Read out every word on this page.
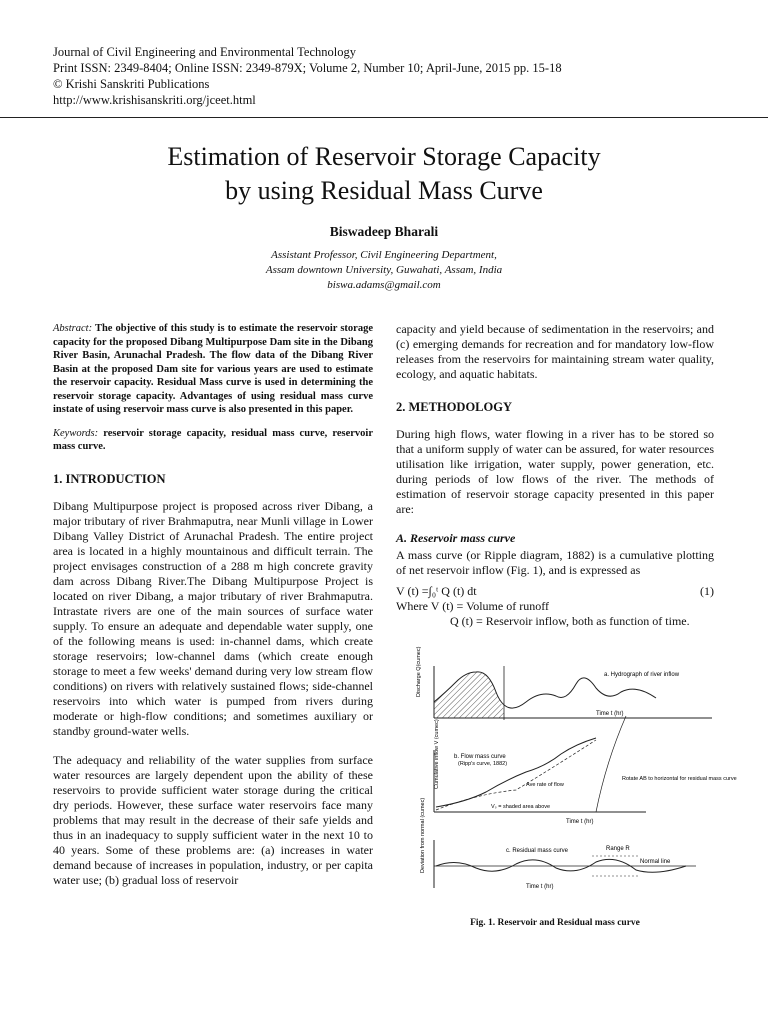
Journal of Civil Engineering and Environmental Technology
Print ISSN: 2349-8404; Online ISSN: 2349-879X; Volume 2, Number 10; April-June, 2015 pp. 15-18
© Krishi Sanskriti Publications
http://www.krishisanskriti.org/jceet.html
Estimation of Reservoir Storage Capacity
by using Residual Mass Curve
Biswadeep Bharali
Assistant Professor, Civil Engineering Department,
Assam downtown University, Guwahati, Assam, India
biswa.adams@gmail.com
Abstract: The objective of this study is to estimate the reservoir storage capacity for the proposed Dibang Multipurpose Dam site in the Dibang River Basin, Arunachal Pradesh. The flow data of the Dibang River Basin at the proposed Dam site for various years are used to estimate the reservoir capacity. Residual Mass curve is used in determining the reservoir storage capacity. Advantages of using residual mass curve instate of using reservoir mass curve is also presented in this paper.
Keywords: reservoir storage capacity, residual mass curve, reservoir mass curve.
1. INTRODUCTION

Dibang Multipurpose project is proposed across river Dibang, a major tributary of river Brahmaputra, near Munli village in Lower Dibang Valley District of Arunachal Pradesh. The entire project area is located in a highly mountainous and difficult terrain. The project envisages construction of a 288 m high concrete gravity dam across Dibang River.The Dibang Multipurpose Project is located on river Dibang, a major tributary of river Brahmaputra. Intrastate rivers are one of the main sources of surface water supply. To ensure an adequate and dependable water supply, one of the following means is used: in-channel dams, which create storage reservoirs; low-channel dams (which create enough storage to meet a few weeks' demand during very low stream flow conditions) on rivers with relatively sustained flows; side-channel reservoirs into which water is pumped from rivers during moderate or high-flow conditions; and sometimes auxiliary or standby ground-water wells.

The adequacy and reliability of the water supplies from surface water resources are largely dependent upon the ability of these reservoirs to provide sufficient water storage during the critical dry periods. However, these surface water reservoirs face many problems that may result in the decrease of their safe yields and thus in an inadequacy to supply sufficient water in the next 10 to 40 years. Some of these problems are: (a) increases in water demand because of increases in population, industry, or per capita water use; (b) gradual loss of reservoir

capacity and yield because of sedimentation in the reservoirs; and (c) emerging demands for recreation and for mandatory low-flow releases from the reservoirs for maintaining stream water quality, ecology, and aquatic habitats.

2. METHODOLOGY

During high flows, water flowing in a river has to be stored so that a uniform supply of water can be assured, for water resources utilisation like irrigation, water supply, power generation, etc. during periods of low flows of the river. The methods of estimation of reservoir storage capacity presented in this paper are:

A. Reservoir mass curve

A mass curve (or Ripple diagram, 1882) is a cumulative plotting of net reservoir inflow (Fig. 1), and is expressed as

V (t) =∫₀ᵗ Q (t) dt	(1)

Where V (t) = Volume of runoff

Q (t) = Reservoir inflow, both as function of time.

Discharge Q(cumec)	a. Hydrograph of river inflow
Time t (hr)
Cumulative inflow V (cumec) b. Flow mass curve
(Ripp's curve, 1882)
Ave rate of flow
Vₛ = shaded area above
Rotate AB to horizontal for residual mass curve
Time t (hr)
Deviation from normal (cumec)	c. Residual mass curve	Range R
Normal line
Time t (hr)
Fig. 1. Reservoir and Residual mass curve
